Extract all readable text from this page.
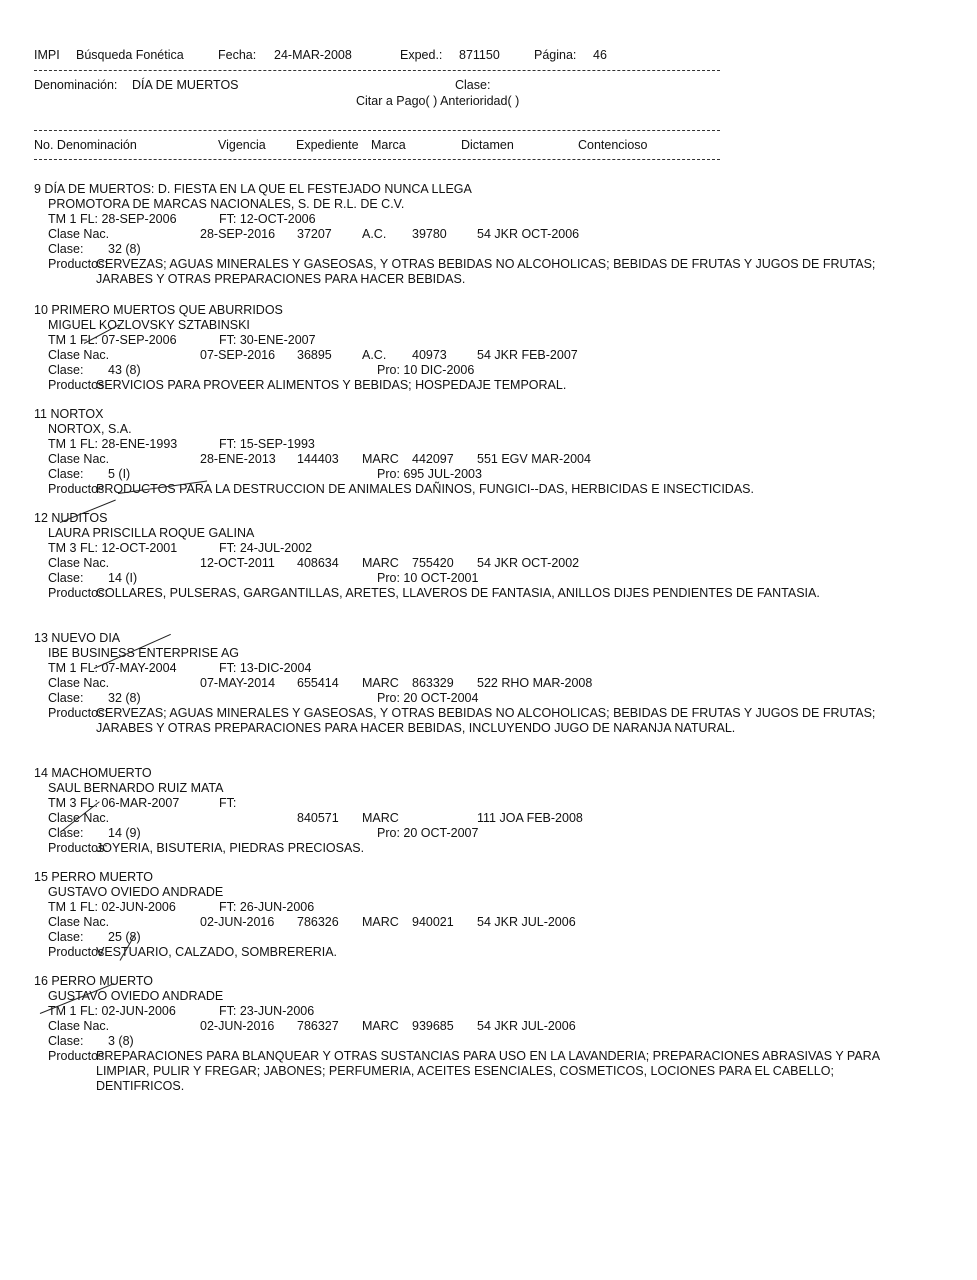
IMPI Búsqueda Fonética	Fecha: 24-MAR-2008	Exped.: 871150	Página: 46
Denominación: DÍA DE MUERTOS	Clase:
Citar a Pago( ) Anterioridad( )
No. Denominación	Vigencia Expediente Marca	Dictamen	Contencioso
9 DÍA DE MUERTOS: D. FIESTA EN LA QUE EL FESTEJADO NUNCA LLEGA
PROMOTORA DE MARCAS NACIONALES, S. DE R.L. DE C.V.
TM 1 FL: 28-SEP-2006	FT: 12-OCT-2006
Clase Nac.	28-SEP-2016 37207 A.C. 39780 54 JKR OCT-2006
Clase: 32 (8)
Productos:
CERVEZAS; AGUAS MINERALES Y GASEOSAS, Y OTRAS BEBIDAS NO ALCOHOLICAS; BEBIDAS DE FRUTAS Y JUGOS DE FRUTAS; JARABES Y OTRAS PREPARACIONES PARA HACER BEBIDAS.
10 PRIMERO MUERTOS QUE ABURRIDOS
MIGUEL KOZLOVSKY SZTABINSKI
TM 1 FL: 07-SEP-2006	FT: 30-ENE-2007
Clase Nac.	07-SEP-2016 36895 A.C. 40973 54 JKR FEB-2007
Clase: 43 (8)	Pro: 10 DIC-2006
Productos:
SERVICIOS PARA PROVEER ALIMENTOS Y BEBIDAS; HOSPEDAJE TEMPORAL.
11 NORTOX
NORTOX, S.A.
TM 1 FL: 28-ENE-1993	FT: 15-SEP-1993
Clase Nac.	28-ENE-2013 144403 MARC 442097 551 EGV MAR-2004
Clase: 5 (I)	Pro: 695 JUL-2003
Productos:
PRODUCTOS PARA LA DESTRUCCION DE ANIMALES DAÑINOS, FUNGICI--DAS, HERBICIDAS E INSECTICIDAS.
12 NUDITOS
LAURA PRISCILLA ROQUE GALINA
TM 3 FL: 12-OCT-2001	FT: 24-JUL-2002
Clase Nac.	12-OCT-2011 408634 MARC 755420 54 JKR OCT-2002
Clase: 14 (I)	Pro: 10 OCT-2001
Productos:
COLLARES, PULSERAS, GARGANTILLAS, ARETES, LLAVEROS DE FANTASIA, ANILLOS DIJES PENDIENTES DE FANTASIA.
13 NUEVO DIA
IBE BUSINESS ENTERPRISE AG
TM 1 FL: 07-MAY-2004	FT: 13-DIC-2004
Clase Nac.	07-MAY-2014 655414 MARC 863329 522 RHO MAR-2008
Clase: 32 (8)	Pro: 20 OCT-2004
Productos:
CERVEZAS; AGUAS MINERALES Y GASEOSAS, Y OTRAS BEBIDAS NO ALCOHOLICAS; BEBIDAS DE FRUTAS Y JUGOS DE FRUTAS; JARABES Y OTRAS PREPARACIONES PARA HACER BEBIDAS, INCLUYENDO JUGO DE NARANJA NATURAL.
14 MACHOMUERTO
SAUL BERNARDO RUIZ MATA
TM 3 FL: 06-MAR-2007	FT:
Clase Nac.	840571 MARC	111 JOA FEB-2008
Clase: 14 (9)	Pro: 20 OCT-2007
Productos:
JOYERIA, BISUTERIA, PIEDRAS PRECIOSAS.
15 PERRO MUERTO
GUSTAVO OVIEDO ANDRADE
TM 1 FL: 02-JUN-2006	FT: 26-JUN-2006
Clase Nac.	02-JUN-2016 786326 MARC 940021 54 JKR JUL-2006
Clase: 25 (8)
Productos:
VESTUARIO, CALZADO, SOMBRERERIA.
16 PERRO MUERTO
GUSTAVO OVIEDO ANDRADE
TM 1 FL: 02-JUN-2006	FT: 23-JUN-2006
Clase Nac.	02-JUN-2016 786327 MARC 939685 54 JKR JUL-2006
Clase: 3 (8)
Productos:
PREPARACIONES PARA BLANQUEAR Y OTRAS SUSTANCIAS PARA USO EN LA LAVANDERIA; PREPARACIONES ABRASIVAS Y PARA LIMPIAR, PULIR Y FREGAR; JABONES; PERFUMERIA, ACEITES ESENCIALES, COSMETICOS, LOCIONES PARA EL CABELLO; DENTIFRICOS.
